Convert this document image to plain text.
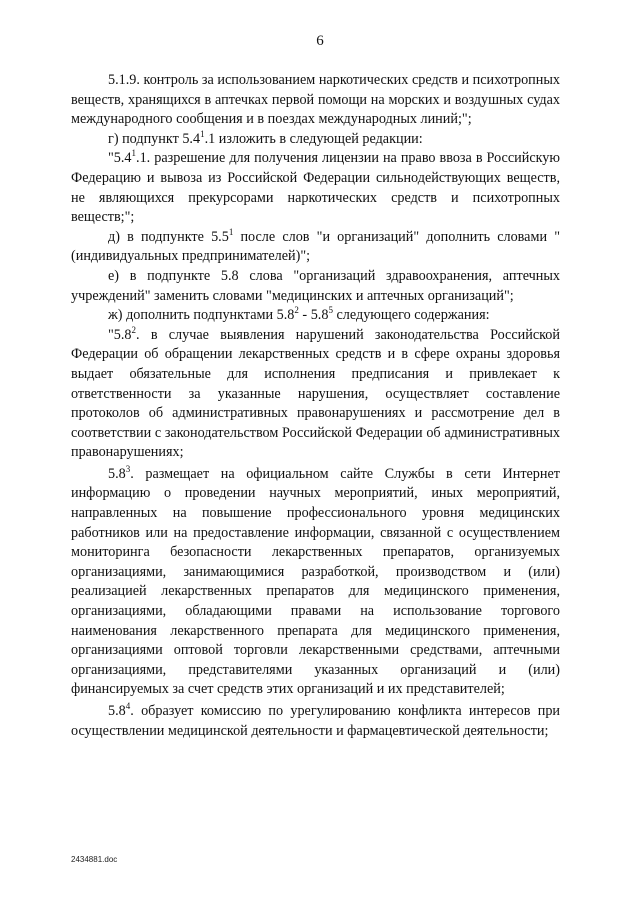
6

5.1.9. контроль за использованием наркотических средств и психотропных веществ, хранящихся в аптечках первой помощи на морских и воздушных судах международного сообщения и в поездах международных линий;";

г) подпункт $5.4^1.1$ изложить в следующей редакции:

"$5.4^1.1$. разрешение для получения лицензии на право ввоза в Российскую Федерацию и вывоза из Российской Федерации сильнодействующих веществ, не являющихся прекурсорами наркотических средств и психотропных веществ;";

д) в подпункте $5.5^1$ после слов "и организаций" дополнить словами "(индивидуальных предпринимателей)";

е) в подпункте 5.8 слова "организаций здравоохранения, аптечных учреждений" заменить словами "медицинских и аптечных организаций";

ж) дополнить подпунктами $5.8^2 - 5.8^5$ следующего содержания:

"$5.8^2$. в случае выявления нарушений законодательства Российской Федерации об обращении лекарственных средств и в сфере охраны здоровья выдает обязательные для исполнения предписания и привлекает к ответственности за указанные нарушения, осуществляет составление протоколов об административных правонарушениях и рассмотрение дел в соответствии с законодательством Российской Федерации об административных правонарушениях;

$5.8^3$. размещает на официальном сайте Службы в сети Интернет информацию о проведении научных мероприятий, иных мероприятий, направленных на повышение профессионального уровня медицинских работников или на предоставление информации, связанной с осуществлением мониторинга безопасности лекарственных препаратов, организуемых организациями, занимающимися разработкой, производством и (или) реализацией лекарственных препаратов для медицинского применения, организациями, обладающими правами на использование торгового наименования лекарственного препарата для медицинского применения, организациями оптовой торговли лекарственными средствами, аптечными организациями, представителями указанных организаций и (или) финансируемых за счет средств этих организаций и их представителей;

$5.8^4$. образует комиссию по урегулированию конфликта интересов при осуществлении медицинской деятельности и фармацевтической деятельности;

2434881.doc
